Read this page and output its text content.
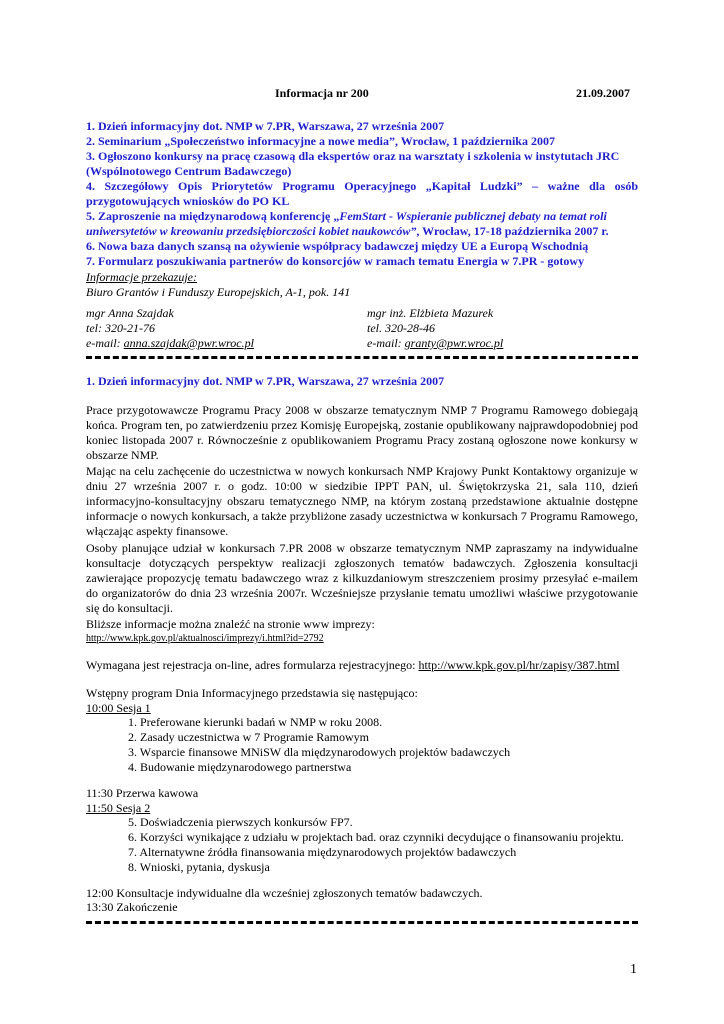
Informacja nr 200	21.09.2007
1. Dzień informacyjny dot. NMP w 7.PR, Warszawa, 27 września 2007
2. Seminarium „Społeczeństwo informacyjne a nowe media”, Wrocław, 1 października 2007
3. Ogłoszono konkursy na pracę czasową dla ekspertów oraz na warsztaty i szkolenia w instytutach JRC
(Wspólnotowego Centrum Badawczego)
4. Szczegółowy Opis Priorytetów Programu Operacyjnego „Kapitał Ludzki” – ważne dla osób
przygotowujących wniosków do PO KL
5. Zaproszenie na międzynarodową konferencję „FemStart - Wspieranie publicznej debaty na temat roli
uniwersytetów w kreowaniu przedsiębiorczości kobiet naukowców”, Wrocław, 17-18 października 2007 r.
6. Nowa baza danych szansą na ożywienie współpracy badawczej między UE a Europą Wschodnią
7. Formularz poszukiwania partnerów do konsorcjów w ramach tematu Energia w 7.PR - gotowy
Informacje przekazuje:
Biuro Grantów i Funduszy Europejskich, A-1, pok. 141
mgr Anna Szajdak
tel: 320-21-76
e-mail: anna.szajdak@pwr.wroc.pl
mgr inż. Elżbieta Mazurek
tel. 320-28-46
e-mail: granty@pwr.wroc.pl
1. Dzień informacyjny dot. NMP w 7.PR, Warszawa, 27 września 2007
Prace przygotowawcze Programu Pracy 2008 w obszarze tematycznym NMP 7 Programu Ramowego dobiegają końca. Program ten, po zatwierdzeniu przez Komisję Europejską, zostanie opublikowany najprawdopodobniej pod koniec listopada 2007 r. Równocześnie z opublikowaniem Programu Pracy zostaną ogłoszone nowe konkursy w obszarze NMP.
Mając na celu zachęcenie do uczestnictwa w nowych konkursach NMP Krajowy Punkt Kontaktowy organizuje w dniu 27 września 2007 r. o godz. 10:00 w siedzibie IPPT PAN, ul. Świętokrzyska 21, sala 110, dzień informacyjno-konsultacyjny obszaru tematycznego NMP, na którym zostaną przedstawione aktualnie dostępne informacje o nowych konkursach, a także przybliżone zasady uczestnictwa w konkursach 7 Programu Ramowego, włączając aspekty finansowe.
Osoby planujące udział w konkursach 7.PR 2008 w obszarze tematycznym NMP zapraszamy na indywidualne konsultacje dotyczących perspektyw realizacji zgłoszonych tematów badawczych. Zgłoszenia konsultacji zawierające propozycję tematu badawczego wraz z kilkuzdaniowym streszczeniem prosimy przesyłać e-mailem do organizatorów do dnia 23 września 2007r. Wcześniejsze przysłanie tematu umożliwi właściwe przygotowanie się do konsultacji.
Bliższe informacje można znaleźć na stronie www imprezy:
http://www.kpk.gov.pl/aktualnosci/imprezy/i.html?id=2792
Wymagana jest rejestracja on-line, adres formularza rejestracyjnego: http://www.kpk.gov.pl/hr/zapisy/387.html
Wstępny program Dnia Informacyjnego przedstawia się następująco:
10:00 Sesja 1
1. Preferowane kierunki badań w NMP w roku 2008.
2. Zasady uczestnictwa w 7 Programie Ramowym
3. Wsparcie finansowe MNiSW dla międzynarodowych projektów badawczych
4. Budowanie międzynarodowego partnerstwa
11:30 Przerwa kawowa
11:50 Sesja 2
5. Doświadczenia pierwszych konkursów FP7.
6. Korzyści wynikające z udziału w projektach bad. oraz czynniki decydujące o finansowaniu projektu.
7. Alternatywne źródła finansowania międzynarodowych projektów badawczych
8. Wnioski, pytania, dyskusja
12:00 Konsultacje indywidualne dla wcześniej zgłoszonych tematów badawczych.
13:30 Zakończenie
1
